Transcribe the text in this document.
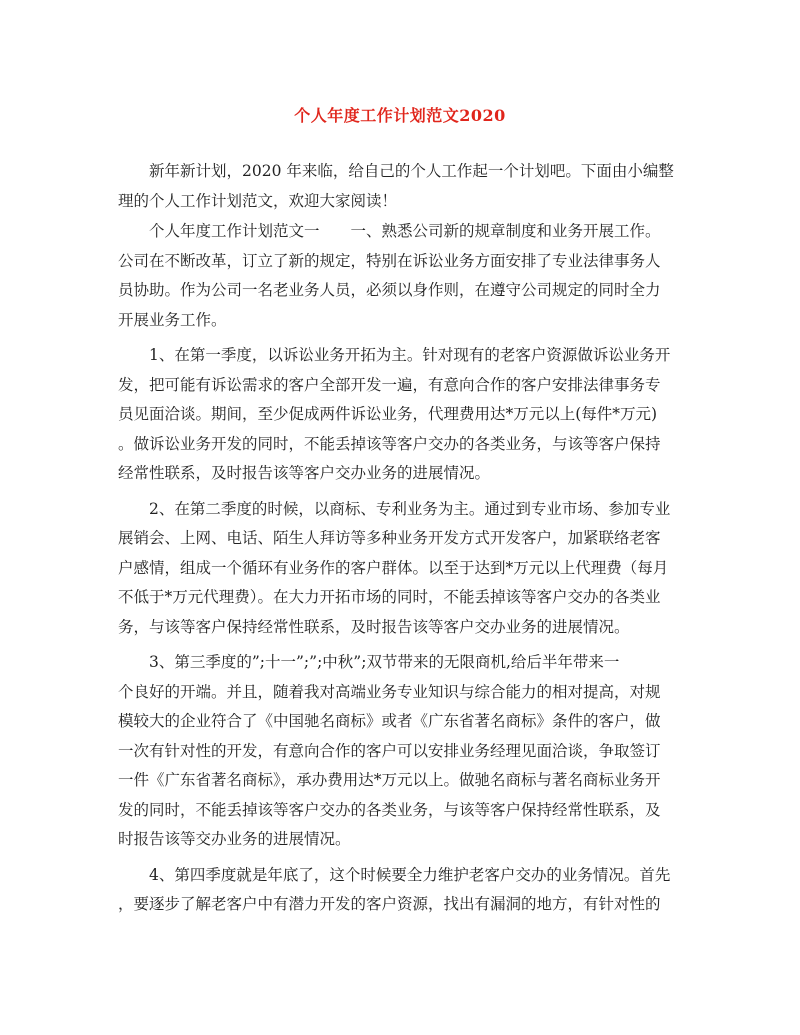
个人年度工作计划范文2020
新年新计划，2020 年来临，给自己的个人工作起一个计划吧。下面由小编整
理的个人工作计划范文，欢迎大家阅读！
个人年度工作计划范文一　　一、熟悉公司新的规章制度和业务开展工作。
公司在不断改革，订立了新的规定，特别在诉讼业务方面安排了专业法律事务人
员协助。作为公司一名老业务人员，必须以身作则，在遵守公司规定的同时全力
开展业务工作。
1、在第一季度，以诉讼业务开拓为主。针对现有的老客户资源做诉讼业务开
发，把可能有诉讼需求的客户全部开发一遍，有意向合作的客户安排法律事务专
员见面洽谈。期间，至少促成两件诉讼业务，代理费用达*万元以上(每件*万元)
。做诉讼业务开发的同时，不能丢掉该等客户交办的各类业务，与该等客户保持
经常性联系，及时报告该等客户交办业务的进展情况。
2、在第二季度的时候，以商标、专利业务为主。通过到专业市场、参加专业
展销会、上网、电话、陌生人拜访等多种业务开发方式开发客户，加紧联络老客
户感情，组成一个循环有业务作的客户群体。以至于达到*万元以上代理费（每月
不低于*万元代理费）。在大力开拓市场的同时，不能丢掉该等客户交办的各类业
务，与该等客户保持经常性联系，及时报告该等客户交办业务的进展情况。
3、第三季度的”;十一”;”;中秋”;双节带来的无限商机,给后半年带来一
个良好的开端。并且，随着我对高端业务专业知识与综合能力的相对提高，对规
模较大的企业符合了《中国驰名商标》或者《广东省著名商标》条件的客户，做
一次有针对性的开发，有意向合作的客户可以安排业务经理见面洽谈，争取签订
一件《广东省著名商标》，承办费用达*万元以上。做驰名商标与著名商标业务开
发的同时，不能丢掉该等客户交办的各类业务，与该等客户保持经常性联系，及
时报告该等交办业务的进展情况。
4、第四季度就是年底了，这个时候要全力维护老客户交办的业务情况。首先
，要逐步了解老客户中有潜力开发的客户资源，找出有漏洞的地方，有针对性的
